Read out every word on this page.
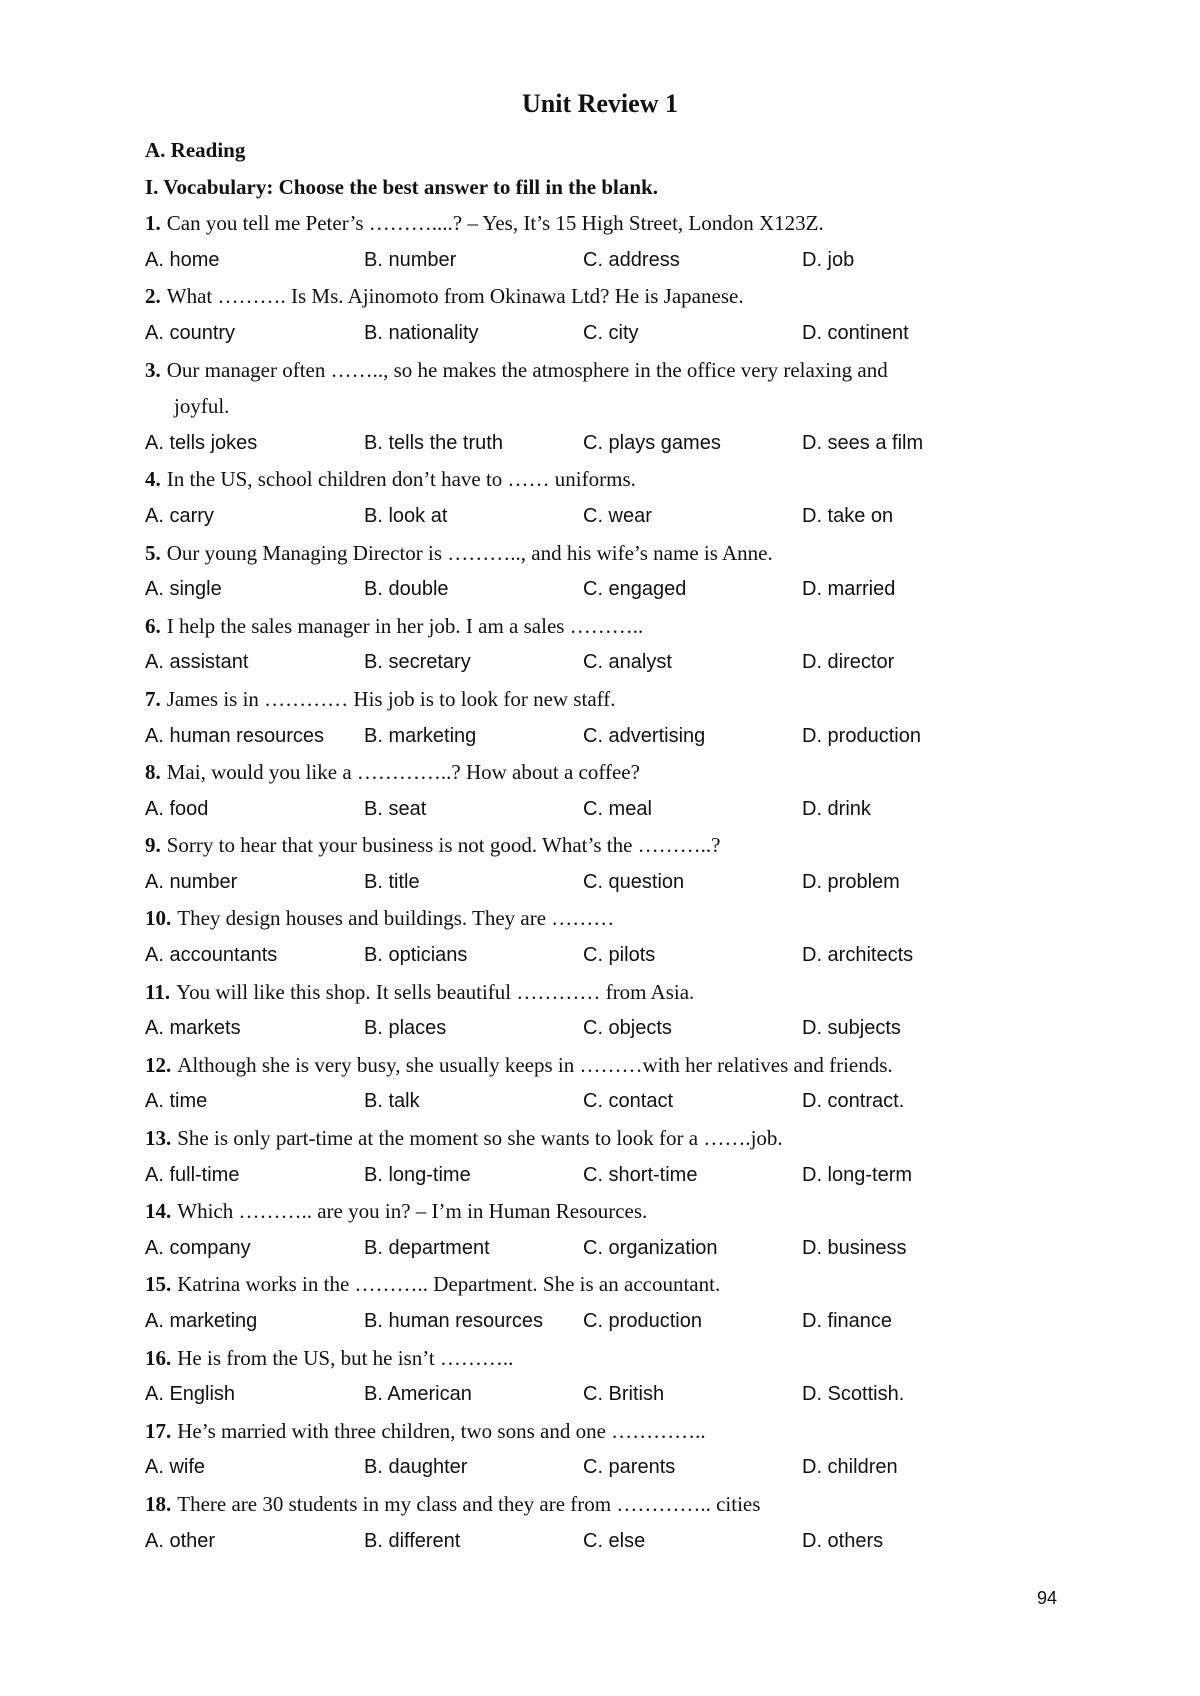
Unit Review 1
A. Reading
I. Vocabulary: Choose the best answer to fill in the blank.
1. Can you tell me Peter’s ………....? – Yes, It’s 15 High Street, London X123Z.
A. home	B. number	C. address	D. job
2. What ………. Is Ms. Ajinomoto from Okinawa Ltd? He is Japanese.
A. country	B. nationality	C. city	D. continent
3. Our manager often …….., so he makes the atmosphere in the office very relaxing and
joyful.
A. tells jokes	B. tells the truth	C. plays games	D. sees a film
4. In the US, school children don’t have to …… uniforms.
A. carry	B. look at	C. wear	D. take on
5. Our young Managing Director is ……….., and his wife’s name is Anne.
A. single	B. double	C. engaged	D. married
6. I help the sales manager in her job. I am a sales ………..
A. assistant	B. secretary	C. analyst	D. director
7. James is in ………… His job is to look for new staff.
A. human resources	B. marketing	C. advertising	D. production
8. Mai, would you like a …………..? How about a coffee?
A. food	B. seat	C. meal	D. drink
9. Sorry to hear that your business is not good. What’s the ………..?
A. number	B. title	C. question	D. problem
10. They design houses and buildings. They are ………
A. accountants	B. opticians	C. pilots	D. architects
11. You will like this shop. It sells beautiful ………… from Asia.
A. markets	B. places	C. objects	D. subjects
12. Although she is very busy, she usually keeps in ………with her relatives and friends.
A. time	B. talk	C. contact	D. contract.
13. She is only part-time at the moment so she wants to look for a …….job.
A. full-time	B. long-time	C. short-time	D. long-term
14. Which ……….. are you in? – I’m in Human Resources.
A. company	B. department	C. organization	D. business
15. Katrina works in the ……….. Department. She is an accountant.
A. marketing	B. human resources	C. production	D. finance
16. He is from the US, but he isn’t ………..
A. English	B. American	C. British	D. Scottish.
17. He’s married with three children, two sons and one …………..
A. wife	B. daughter	C. parents	D. children
18. There are 30 students in my class and they are from ………….. cities
A. other	B. different	C. else	D. others
94
